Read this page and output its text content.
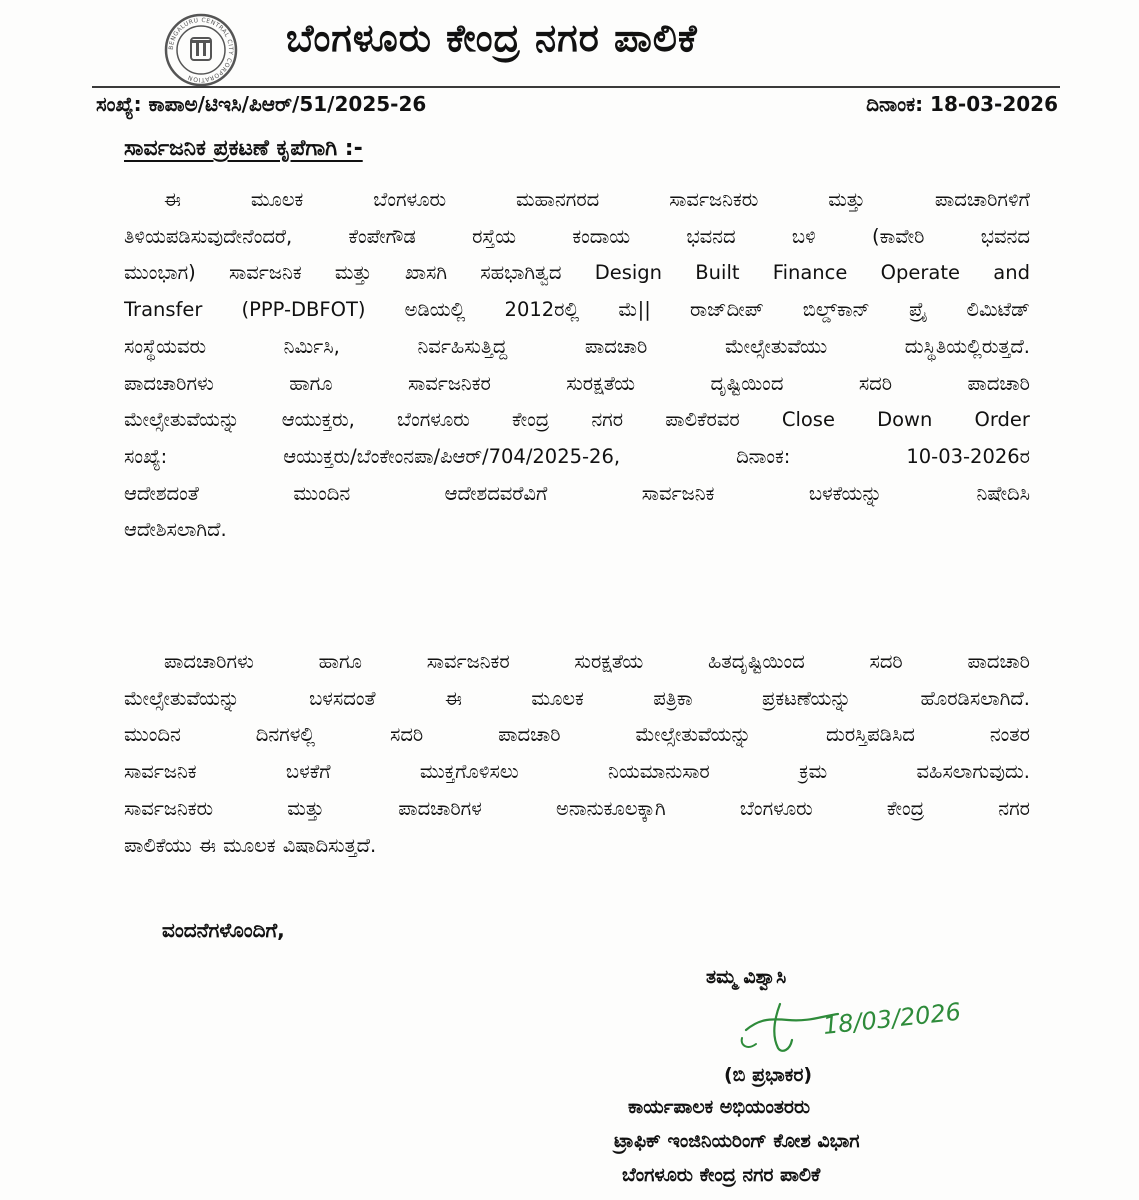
BENGALURU CENTRAL CITY CORPORATION
ಬೆಂಗಳೂರು ಕೇಂದ್ರ ನಗರ ಪಾಲಿಕೆ
ಸಂಖ್ಯೆ: ಕಾಪಾಅ/ಟಿಇಸಿ/ಪಿಆರ್/51/2025-26	ದಿನಾಂಕ: 18-03-2026
ಸಾರ್ವಜನಿಕ ಪ್ರಕಟಣೆ ಕೃಪೆಗಾಗಿ :-
ಈ	ಮೂಲಕ	ಬೆಂಗಳೂರು	ಮಹಾನಗರದ	ಸಾರ್ವಜನಿಕರು	ಮತ್ತು	ಪಾದಚಾರಿಗಳಿಗೆ
ತಿಳಿಯಪಡಿಸುವುದೇನೆಂದರೆ,	ಕೆಂಪೇಗೌಡ	ರಸ್ತೆಯ	ಕಂದಾಯ	ಭವನದ	ಬಳಿ	(ಕಾವೇರಿ	ಭವನದ
ಮುಂಭಾಗ) ಸಾರ್ವಜನಿಕ ಮತ್ತು ಖಾಸಗಿ ಸಹಭಾಗಿತ್ವದ Design Built Finance Operate and
Transfer (PPP-DBFOT) ಅಡಿಯಲ್ಲಿ 2012ರಲ್ಲಿ ಮೆ|| ರಾಜ್‌ದೀಪ್ ಬಿಲ್ಡ್‌ಕಾನ್ ಪ್ರೈ ಲಿಮಿಟೆಡ್
ಸಂಸ್ಥೆಯವರು	ನಿರ್ಮಿಸಿ,	ನಿರ್ವಹಿಸುತ್ತಿದ್ದ	ಪಾದಚಾರಿ	ಮೇಲ್ಸೇತುವೆಯು	ದುಸ್ಥಿತಿಯಲ್ಲಿರುತ್ತದೆ.
ಪಾದಚಾರಿಗಳು	ಹಾಗೂ	ಸಾರ್ವಜನಿಕರ	ಸುರಕ್ಷತೆಯ	ದೃಷ್ಟಿಯಿಂದ	ಸದರಿ	ಪಾದಚಾರಿ
ಮೇಲ್ಸೇತುವೆಯನ್ನು ಆಯುಕ್ತರು, ಬೆಂಗಳೂರು ಕೇಂದ್ರ ನಗರ ಪಾಲಿಕೆರವರ Close Down Order
ಸಂಖ್ಯೆ:	ಆಯುಕ್ತರು/ಬೆಂಕೇಂನಪಾ/ಪಿಆರ್/704/2025-26,	ದಿನಾಂಕ:	10-03-2026ರ
ಆದೇಶದಂತೆ	ಮುಂದಿನ	ಆದೇಶದವರೆವಿಗೆ	ಸಾರ್ವಜನಿಕ	ಬಳಕೆಯನ್ನು	ನಿಷೇದಿಸಿ
ಆದೇಶಿಸಲಾಗಿದೆ.
ಪಾದಚಾರಿಗಳು	ಹಾಗೂ	ಸಾರ್ವಜನಿಕರ	ಸುರಕ್ಷತೆಯ	ಹಿತದೃಷ್ಟಿಯಿಂದ	ಸದರಿ	ಪಾದಚಾರಿ
ಮೇಲ್ಸೇತುವೆಯನ್ನು	ಬಳಸದಂತೆ	ಈ	ಮೂಲಕ	ಪತ್ರಿಕಾ	ಪ್ರಕಟಣೆಯನ್ನು	ಹೊರಡಿಸಲಾಗಿದೆ.
ಮುಂದಿನ	ದಿನಗಳಲ್ಲಿ	ಸದರಿ	ಪಾದಚಾರಿ	ಮೇಲ್ಸೇತುವೆಯನ್ನು	ದುರಸ್ತಿಪಡಿಸಿದ	ನಂತರ
ಸಾರ್ವಜನಿಕ	ಬಳಕೆಗೆ	ಮುಕ್ತಗೊಳಿಸಲು	ನಿಯಮಾನುಸಾರ	ಕ್ರಮ	ವಹಿಸಲಾಗುವುದು.
ಸಾರ್ವಜನಿಕರು	ಮತ್ತು	ಪಾದಚಾರಿಗಳ	ಅನಾನುಕೂಲಕ್ಕಾಗಿ	ಬೆಂಗಳೂರು	ಕೇಂದ್ರ	ನಗರ
ಪಾಲಿಕೆಯು ಈ ಮೂಲಕ ವಿಷಾದಿಸುತ್ತದೆ.
ವಂದನೆಗಳೊಂದಿಗೆ,
ತಮ್ಮ ವಿಶ್ವಾಸಿ
18/03/2026
(ಬಿ ಪ್ರಭಾಕರ)
ಕಾರ್ಯಪಾಲಕ ಅಭಿಯಂತರರು
ಟ್ರಾಫಿಕ್ ಇಂಜಿನಿಯರಿಂಗ್ ಕೋಶ ವಿಭಾಗ
ಬೆಂಗಳೂರು ಕೇಂದ್ರ ನಗರ ಪಾಲಿಕೆ
